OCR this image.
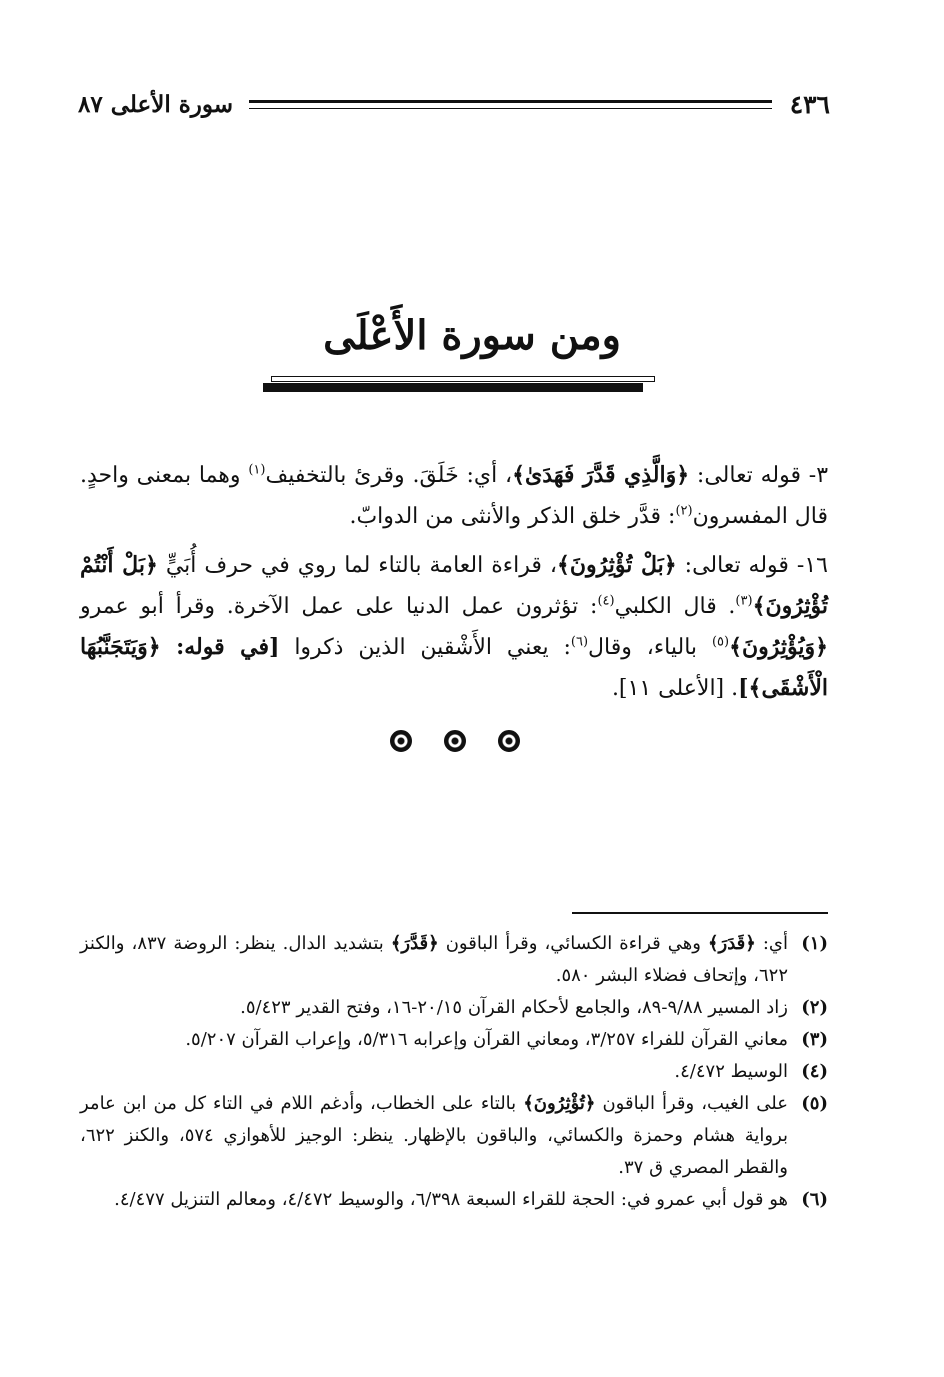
٤٣٦
سورة الأعلى ٨٧
ومن سورة الأَعْلَى

٣- قوله تعالى: ﴿وَالَّذِي قَدَّرَ فَهَدَىٰ﴾، أي: خَلَقَ. وقرئ بالتخفيف$^{(١)}$ وهما بمعنى واحدٍ. قال المفسرون$^{(٢)}$: قدَّر خلق الذكر والأنثى من الدوابّ.

١٦- قوله تعالى: ﴿بَلْ تُؤْثِرُونَ﴾، قراءة العامة بالتاء لما روي في حرف أُبَيٍّ ﴿بَلْ أَنْتُمْ تُؤْثِرُونَ﴾$^{(٣)}$. قال الكلبي$^{(٤)}$: تؤثرون عمل الدنيا على عمل الآخرة. وقرأ أبو عمرو ﴿وَيُؤْثِرُونَ﴾$^{(٥)}$ بالياء، وقال$^{(٦)}$: يعني الأَشْقين الذين ذكروا [في قوله: ﴿وَيَتَجَنَّبُهَا الْأَشْقَى﴾]. [الأعلى ١١].

(١)
أي: ﴿قَدَرَ﴾ وهي قراءة الكسائي، وقرأ الباقون ﴿قَدَّرَ﴾ بتشديد الدال. ينظر: الروضة ٨٣٧، والكنز ٦٢٢، وإتحاف فضلاء البشر ٥٨٠.
(٢)
زاد المسير ٩/٨٨-٨٩، والجامع لأحكام القرآن ٢٠/١٥-١٦، وفتح القدير ٥/٤٢٣.
(٣)
معاني القرآن للفراء ٣/٢٥٧، ومعاني القرآن وإعرابه ٥/٣١٦، وإعراب القرآن ٥/٢٠٧.
(٤)
الوسيط ٤/٤٧٢.
(٥)
على الغيب، وقرأ الباقون ﴿تُؤْثِرُونَ﴾ بالتاء على الخطاب، وأدغم اللام في التاء كل من ابن عامر برواية هشام وحمزة والكسائي، والباقون بالإظهار. ينظر: الوجيز للأهوازي ٥٧٤، والكنز ٦٢٢، والقطر المصري ق ٣٧.
(٦)
هو قول أبي عمرو في: الحجة للقراء السبعة ٦/٣٩٨، والوسيط ٤/٤٧٢، ومعالم التنزيل ٤/٤٧٧.
